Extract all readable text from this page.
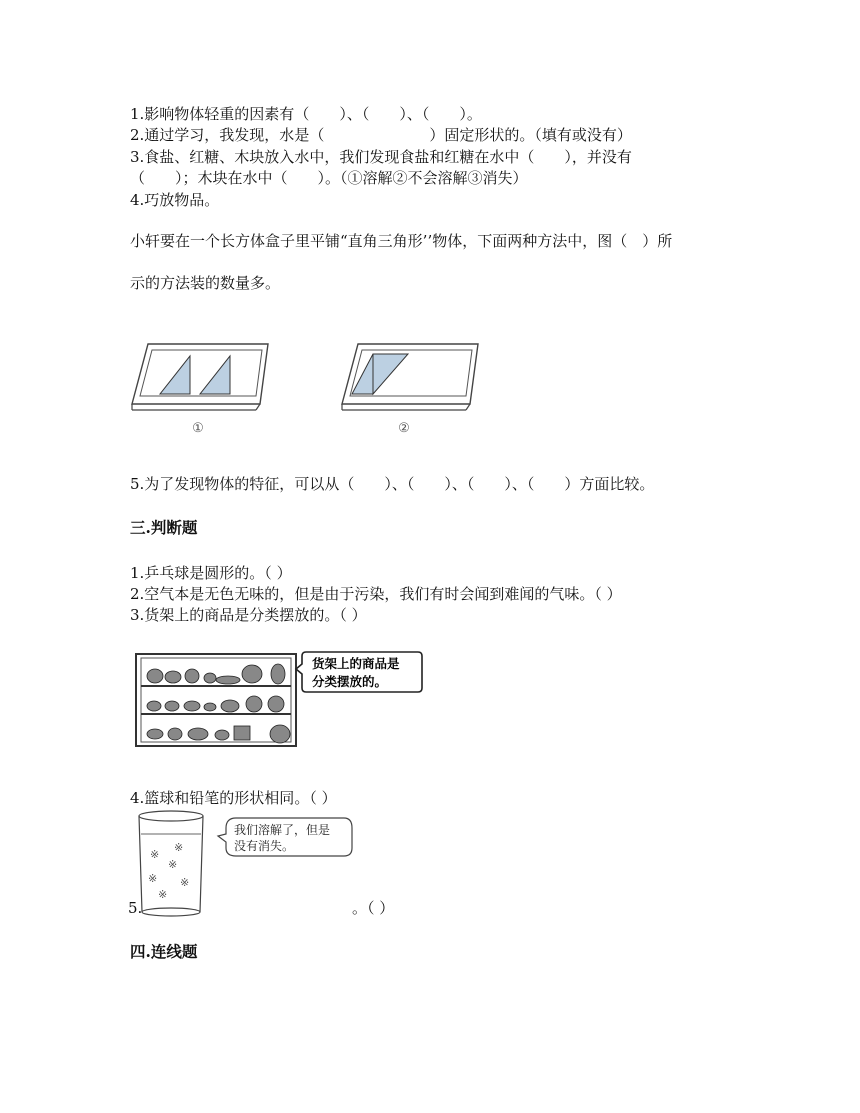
1.影响物体轻重的因素有（　　）、（　　）、（　　）。
2.通过学习，我发现，水是（　　　　　　　）固定形状的。（填有或没有）
3.食盐、红糖、木块放入水中，我们发现食盐和红糖在水中（　　），并没有
（　　）；木块在水中（　　）。（①溶解②不会溶解③消失）
4.巧放物品。
小轩要在一个长方体盒子里平铺“直角三角形’’物体，下面两种方法中，图（　）所
示的方法装的数量多。
①	②
5.为了发现物体的特征，可以从（　　）、（　　）、（　　）、（　　）方面比较。
三.判断题
1.乒乓球是圆形的。（ ）
2.空气本是无色无味的，但是由于污染，我们有时会闻到难闻的气味。（ ）
3.货架上的商品是分类摆放的。（ ）
货架上的商品是
分类摆放的。
4.篮球和铅笔的形状相同。（ ）
※
※
※
※ ※
※
我们溶解了，但是
没有消失。
5.	。（ ）
四.连线题
